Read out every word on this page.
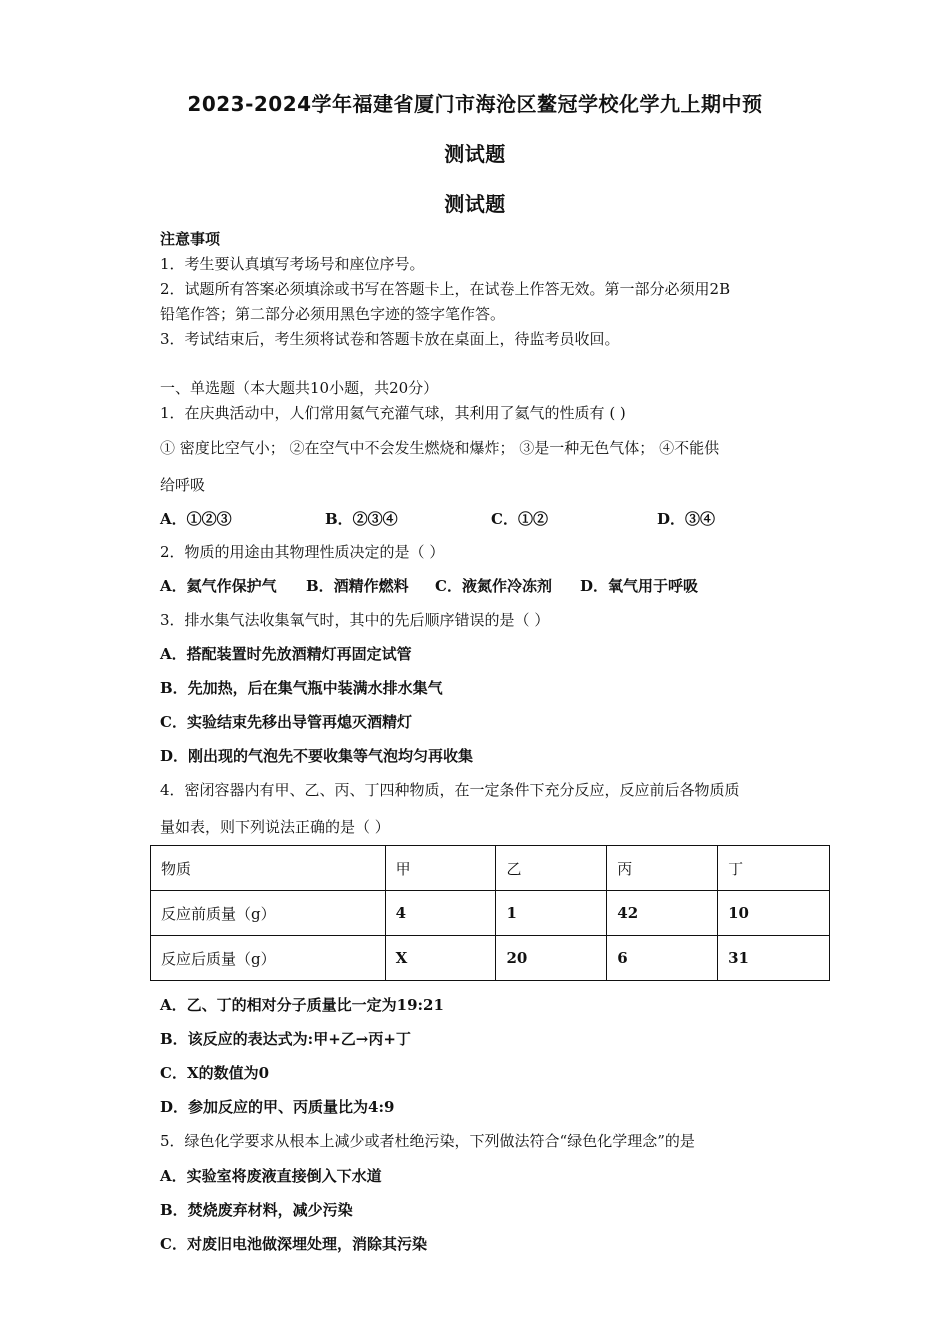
2023-2024学年福建省厦门市海沧区鳌冠学校化学九上期中预
测试题
测试题
注意事项
1．考生要认真填写考场号和座位序号。
2．试题所有答案必须填涂或书写在答题卡上，在试卷上作答无效。第一部分必须用2B
铅笔作答；第二部分必须用黑色字迹的签字笔作答。
3．考试结束后，考生须将试卷和答题卡放在桌面上，待监考员收回。
一、单选题（本大题共10小题，共20分）
1．在庆典活动中，人们常用氦气充灌气球，其利用了氦气的性质有 ( )
① 密度比空气小； ②在空气中不会发生燃烧和爆炸； ③是一种无色气体； ④不能供
给呼吸
A．①②③	B．②③④	C．①②	D．③④
2．物质的用途由其物理性质决定的是（ ）
A．氦气作保护气 B．酒精作燃料 C．液氮作冷冻剂 D．氧气用于呼吸
3．排水集气法收集氧气时，其中的先后顺序错误的是（ ）
A．搭配装置时先放酒精灯再固定试管
B．先加热，后在集气瓶中装满水排水集气
C．实验结束先移出导管再熄灭酒精灯
D．刚出现的气泡先不要收集等气泡均匀再收集
4．密闭容器内有甲、乙、丙、丁四种物质，在一定条件下充分反应，反应前后各物质质
量如表，则下列说法正确的是（ ）
物质	甲	乙	丙	丁
反应前质量（g）	4	1	42	10
反应后质量（g）	X	20	6	31
A．乙、丁的相对分子质量比一定为19:21
B．该反应的表达式为:甲+乙→丙+丁
C．X的数值为0
D．参加反应的甲、丙质量比为4:9
5．绿色化学要求从根本上减少或者杜绝污染，下列做法符合“绿色化学理念”的是
A．实验室将废液直接倒入下水道
B．焚烧废弃材料，减少污染
C．对废旧电池做深埋处理，消除其污染
